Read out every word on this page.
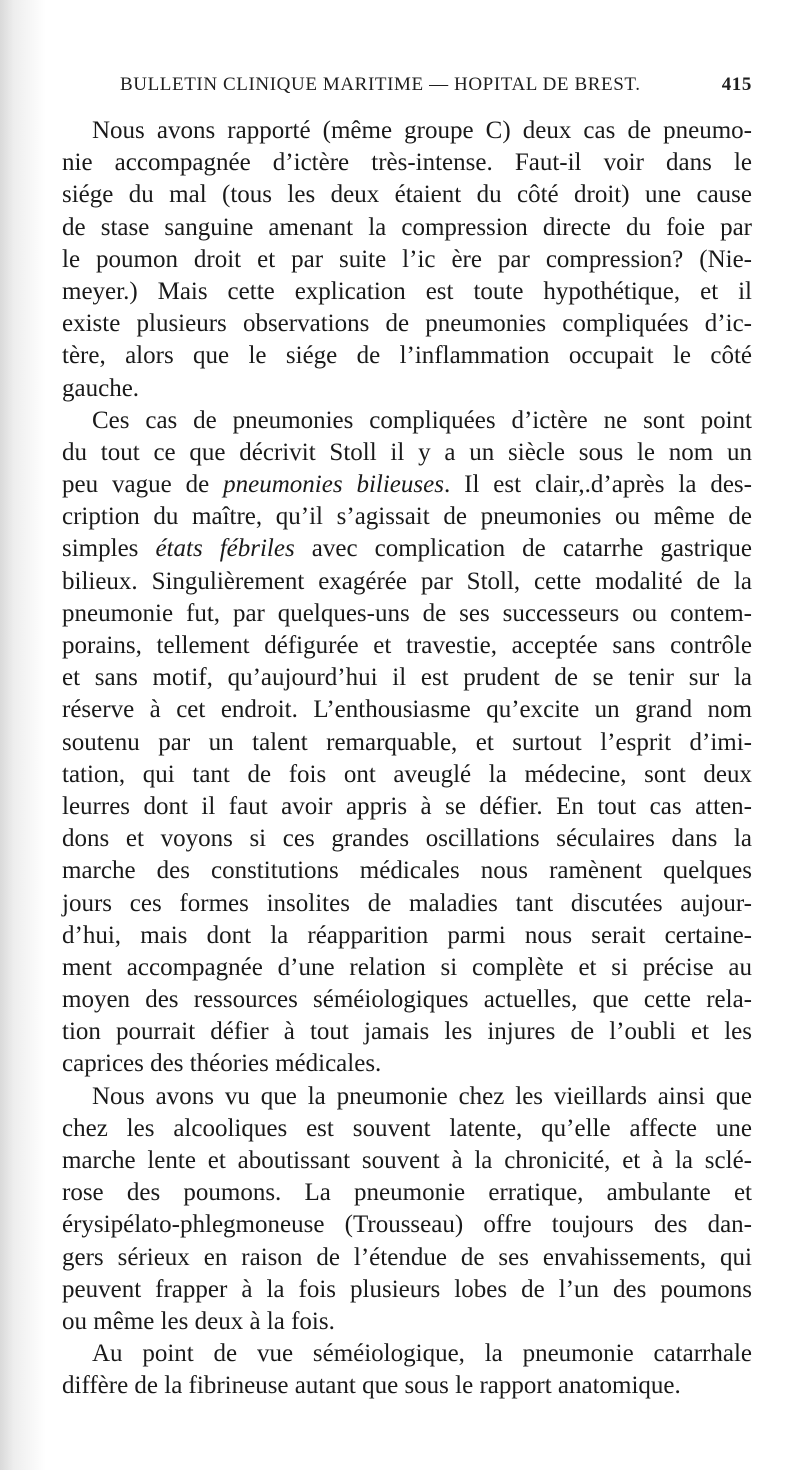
BULLETIN CLINIQUE MARITIME — HOPITAL DE BREST.	415
Nous avons rapporté (même groupe C) deux cas de pneumo-
nie accompagnée d’ictère très-intense. Faut-il voir dans le
siége du mal (tous les deux étaient du côté droit) une cause
de stase sanguine amenant la compression directe du foie par
le poumon droit et par suite l’ic ère par compression? (Nie-
meyer.) Mais cette explication est toute hypothétique, et il
existe plusieurs observations de pneumonies compliquées d’ic-
tère, alors que le siége de l’inflammation occupait le côté
gauche.
Ces cas de pneumonies compliquées d’ictère ne sont point
du tout ce que décrivit Stoll il y a un siècle sous le nom un
peu vague de pneumonies bilieuses. Il est clair,.d’après la des-
cription du maître, qu’il s’agissait de pneumonies ou même de
simples états fébriles avec complication de catarrhe gastrique
bilieux. Singulièrement exagérée par Stoll, cette modalité de la
pneumonie fut, par quelques-uns de ses successeurs ou contem-
porains, tellement défigurée et travestie, acceptée sans contrôle
et sans motif, qu’aujourd’hui il est prudent de se tenir sur la
réserve à cet endroit. L’enthousiasme qu’excite un grand nom
soutenu par un talent remarquable, et surtout l’esprit d’imi-
tation, qui tant de fois ont aveuglé la médecine, sont deux
leurres dont il faut avoir appris à se défier. En tout cas atten-
dons et voyons si ces grandes oscillations séculaires dans la
marche des constitutions médicales nous ramènent quelques
jours ces formes insolites de maladies tant discutées aujour-
d’hui, mais dont la réapparition parmi nous serait certaine-
ment accompagnée d’une relation si complète et si précise au
moyen des ressources séméiologiques actuelles, que cette rela-
tion pourrait défier à tout jamais les injures de l’oubli et les
caprices des théories médicales.
Nous avons vu que la pneumonie chez les vieillards ainsi que
chez les alcooliques est souvent latente, qu’elle affecte une
marche lente et aboutissant souvent à la chronicité, et à la sclé-
rose des poumons. La pneumonie erratique, ambulante et
érysipélato-phlegmoneuse (Trousseau) offre toujours des dan-
gers sérieux en raison de l’étendue de ses envahissements, qui
peuvent frapper à la fois plusieurs lobes de l’un des poumons
ou même les deux à la fois.
Au point de vue séméiologique, la pneumonie catarrhale
diffère de la fibrineuse autant que sous le rapport anatomique.
